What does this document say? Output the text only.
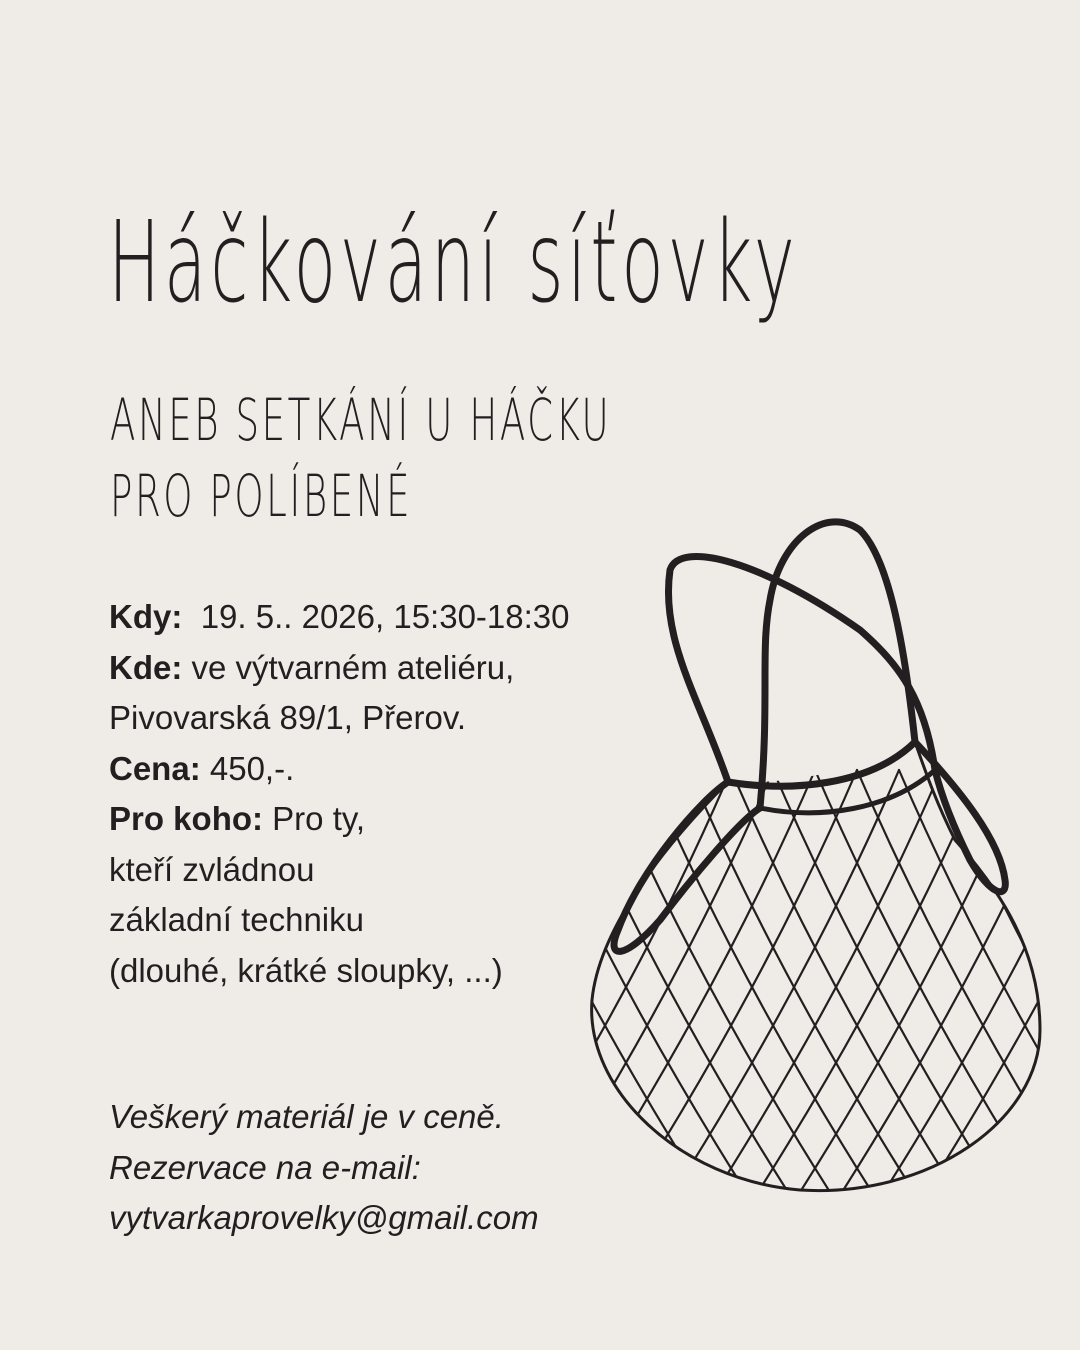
Háčkování síťovky
ANEB SETKÁNÍ U HÁČKU
PRO POLÍBENÉ
Kdy: 19. 5.. 2026, 15:30-18:30
Kde: ve výtvarném ateliéru,
Pivovarská 89/1, Přerov.
Cena: 450,-.
Pro koho: Pro ty,
kteří zvládnou
základní techniku
(dlouhé, krátké sloupky, ...)
Veškerý materiál je v ceně.
Rezervace na e-mail:
vytvarkaprovelky@gmail.com
